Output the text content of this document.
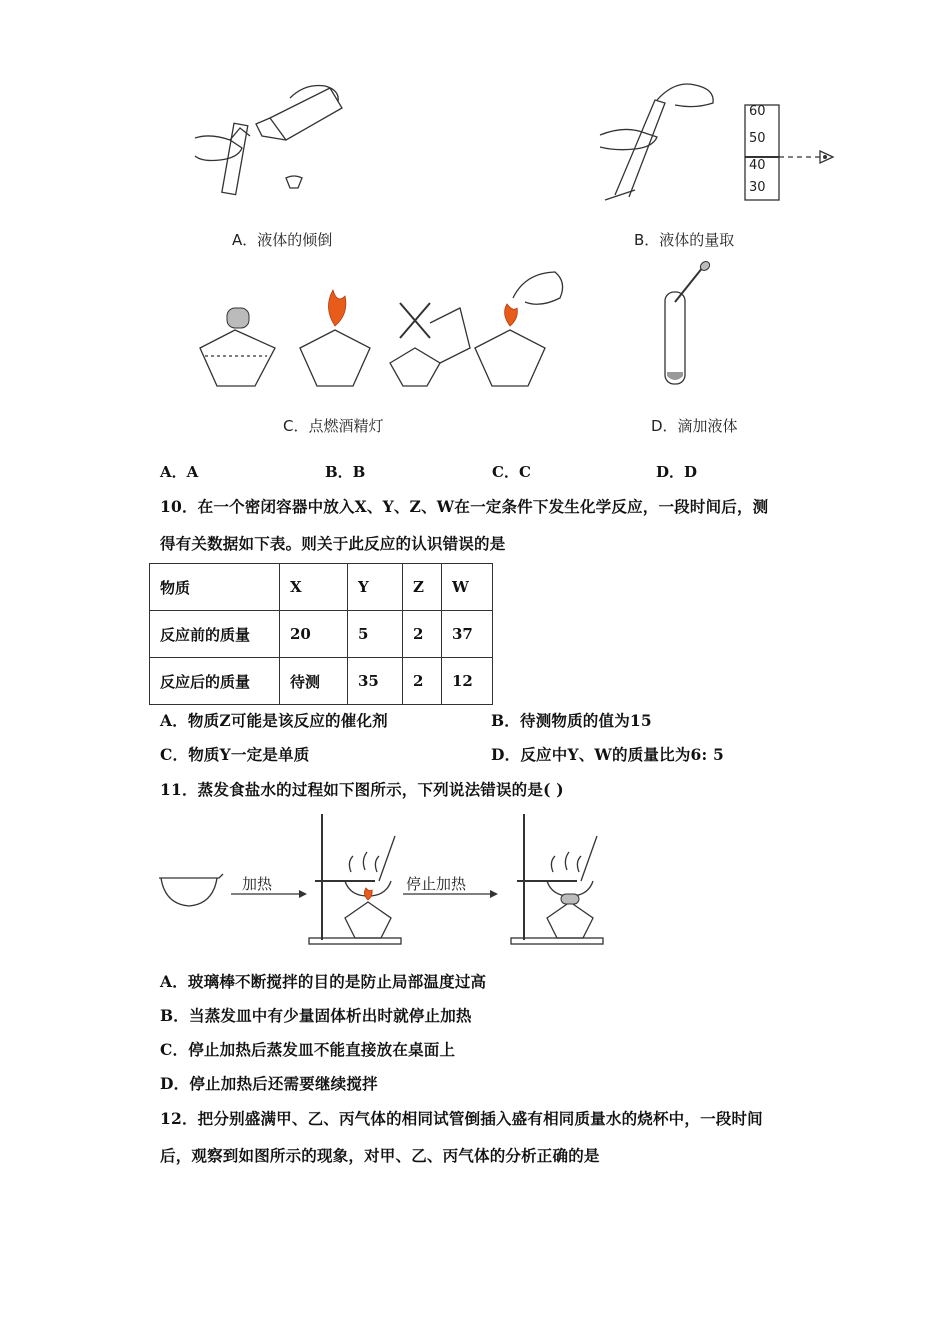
60
50
40
30
A．液体的倾倒	B．液体的量取
C．点燃酒精灯	D．滴加液体
A．A	B．B	C．C	D．D
10．在一个密闭容器中放入X、Y、Z、W在一定条件下发生化学反应，一段时间后，测
得有关数据如下表。则关于此反应的认识错误的是
物质	X	Y	Z	W
反应前的质量	20	5	2	37
反应后的质量	待测	35	2	12
A．物质Z可能是该反应的催化剂	B．待测物质的值为15
C．物质Y一定是单质	D．反应中Y、W的质量比为6: 5
11．蒸发食盐水的过程如下图所示，下列说法错误的是( )
加热	停止加热
A．玻璃棒不断搅拌的目的是防止局部温度过高
B．当蒸发皿中有少量固体析出时就停止加热
C．停止加热后蒸发皿不能直接放在桌面上
D．停止加热后还需要继续搅拌
12．把分别盛满甲、乙、丙气体的相同试管倒插入盛有相同质量水的烧杯中，一段时间
后，观察到如图所示的现象，对甲、乙、丙气体的分析正确的是
